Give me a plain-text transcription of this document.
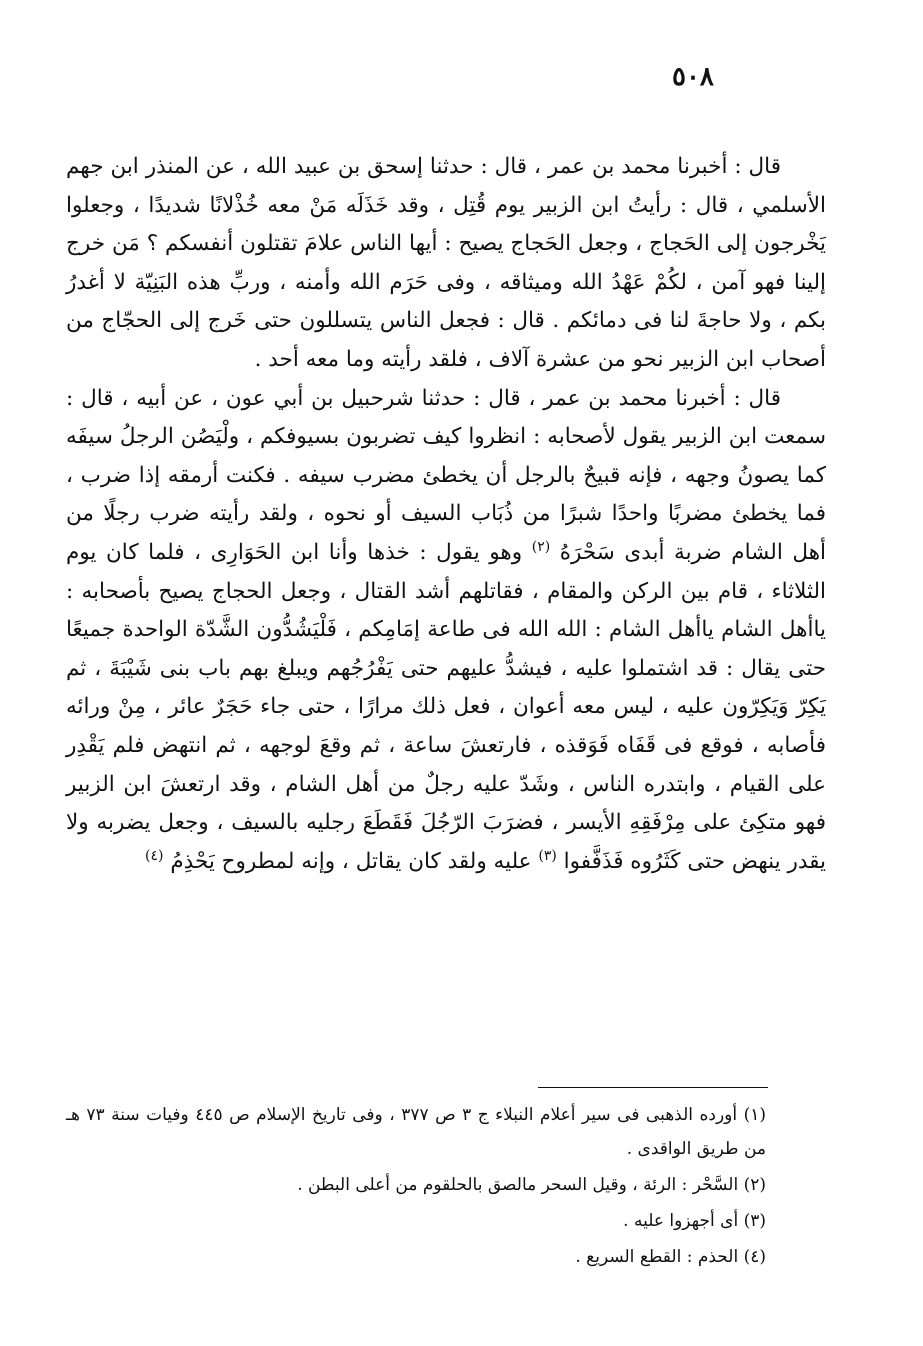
٥٠٨

قال : أخبرنا محمد بن عمر ، قال : حدثنا إسحق بن عبيد الله ، عن المنذر ابن جهم الأسلمي ، قال : رأيتُ ابن الزبير يوم قُتِل ، وقد خَذَلَه مَنْ معه خُذْلانًا شديدًا ، وجعلوا يَخْرجون إلى الحَجاج ، وجعل الحَجاج يصيح : أيها الناس علامَ تقتلون أنفسكم ؟ مَن خرج إلينا فهو آمن ، لكُمْ عَهْدُ الله وميثاقه ، وفى حَرَم الله وأمنه ، وربِّ هذه البَنِيّة لا أغدرُ بكم ، ولا حاجةَ لنا فى دمائكم . قال : فجعل الناس يتسللون حتى خَرج إلى الحجّاج من أصحاب ابن الزبير نحو من عشرة آلاف ، فلقد رأيته وما معه أحد .

قال : أخبرنا محمد بن عمر ، قال : حدثنا شرحبيل بن أبي عون ، عن أبيه ، قال : سمعت ابن الزبير يقول لأصحابه : انظروا كيف تضربون بسيوفكم ، ولْيَصُن الرجلُ سيفَه كما يصونُ وجهه ، فإنه قبيحٌ بالرجل أن يخطئ مضرب سيفه . فكنت أرمقه إذا ضرب ، فما يخطئ مضربًا واحدًا شبرًا من ذُبَاب السيف أو نحوه ، ولقد رأيته ضرب رجلًا من أهل الشام ضربة أبدى سَحْرَهُ $^{(٢)}$ وهو يقول : خذها وأنا ابن الحَوَارِى ، فلما كان يوم الثلاثاء ، قام بين الركن والمقام ، فقاتلهم أشد القتال ، وجعل الحجاج يصيح بأصحابه : ياأهل الشام ياأهل الشام : الله الله فى طاعة إمَامِكم ، فَلْيَشُدُّون الشَّدّة الواحدة جميعًا حتى يقال : قد اشتملوا عليه ، فيشدُّ عليهم حتى يَفْرُجُهم ويبلغ بهم باب بنى شَيْبَةَ ، ثم يَكِرّ وَيَكِرّون عليه ، ليس معه أعوان ، فعل ذلك مرارًا ، حتى جاء حَجَرٌ عائر ، مِنْ ورائه فأصابه ، فوقع فى قَفَاه فَوَقذه ، فارتعشَ ساعة ، ثم وقعَ لوجهه ، ثم انتهض فلم يَقْدِر على القيام ، وابتدره الناس ، وشَدّ عليه رجلٌ من أهل الشام ، وقد ارتعشَ ابن الزبير فهو متكِئ على مِرْفَقِهِ الأيسر ، فضرَبَ الرّجُلَ فَقَطَعَ رجليه بالسيف ، وجعل يضربه ولا يقدر ينهض حتى كَثَرُوه فَذَفَّفوا $^{(٣)}$ عليه ولقد كان يقاتل ، وإنه لمطروح يَحْذِمُ $^{(٤)}$

(١) أورده الذهبى فى سير أعلام النبلاء ج ٣ ص ٣٧٧ ، وفى تاريخ الإسلام ص ٤٤٥ وفيات سنة ٧٣ هـ من طريق الواقدى .

(٢) السَّحْر : الرئة ، وقيل السحر مالصق بالحلقوم من أعلى البطن .

(٣) أى أجهزوا عليه .

(٤) الحذم : القطع السريع .
